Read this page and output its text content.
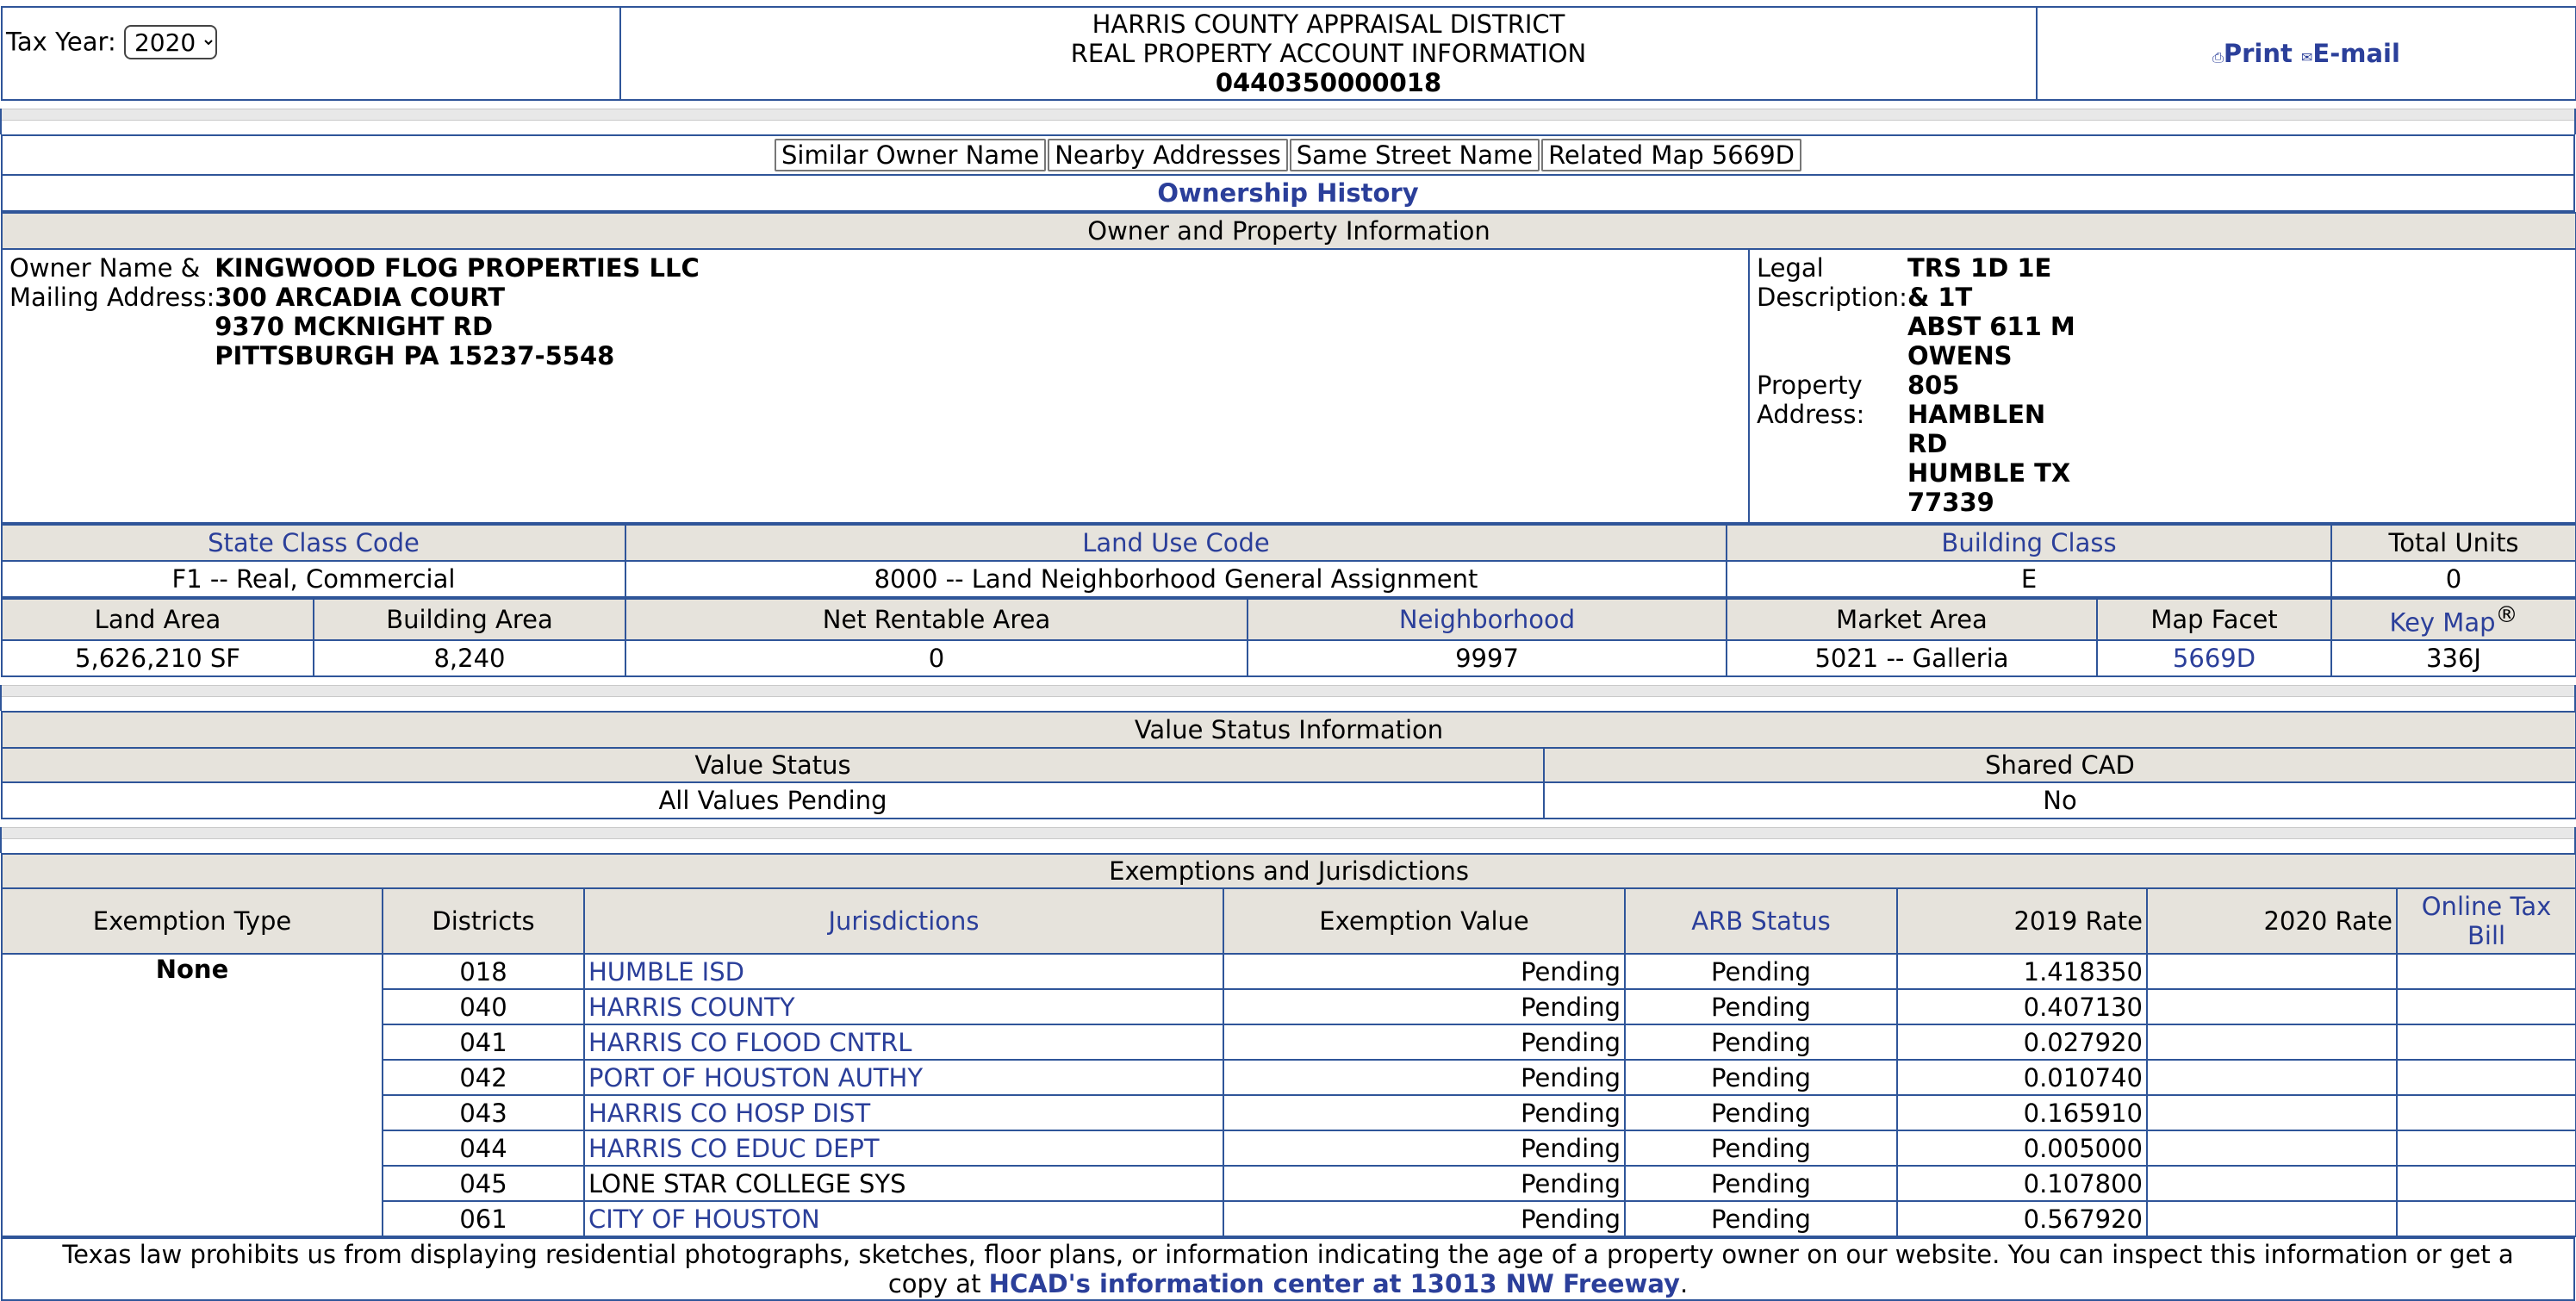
Tax Year:
2020	
HARRIS COUNTY APPRAISAL DISTRICT
REAL PROPERTY ACCOUNT INFORMATION
0440350000018
	⎙Print ✉E-mail
Similar Owner Name Nearby Addresses Same Street Name Related Map 5669D
Ownership History
Owner and Property Information

Owner Name &
Mailing Address:

KINGWOOD FLOG PROPERTIES LLC
300 ARCADIA COURT
9370 MCKNIGHT RD
PITTSBURGH PA 15237-5548

Legal
Description:

TRS 1D 1E
& 1T
ABST 611 M
OWENS

Property
Address:

805
HAMBLEN
RD
HUMBLE TX
77339
State Class Code	Land Use Code	Building Class	Total Units
F1 -- Real, Commercial	8000 -- Land Neighborhood General Assignment	E	0
Land Area	Building Area	Net Rentable Area	Neighborhood	Market Area	Map Facet	Key Map®
5,626,210 SF	8,240	0	9997	5021 -- Galleria	5669D	336J
Value Status Information	
Value Status	Shared CAD
All Values Pending	No
Exemptions and Jurisdictions							
Exemption Type	Districts	Jurisdictions	Exemption Value	ARB Status	2019 Rate	2020 Rate	Online Tax Bill
None	018	HUMBLE ISD	Pending	Pending	1.418350		
	040	HARRIS COUNTY	Pending	Pending	0.407130		
	041	HARRIS CO FLOOD CNTRL	Pending	Pending	0.027920		
	042	PORT OF HOUSTON AUTHY	Pending	Pending	0.010740		
	043	HARRIS CO HOSP DIST	Pending	Pending	0.165910		
	044	HARRIS CO EDUC DEPT	Pending	Pending	0.005000		
	045	LONE STAR COLLEGE SYS	Pending	Pending	0.107800		
	061	CITY OF HOUSTON	Pending	Pending	0.567920		
Texas law prohibits us from displaying residential photographs, sketches, floor plans, or information indicating the age of a property owner on our website. You can inspect this information or get a copy at HCAD's information center at 13013 NW Freeway.
